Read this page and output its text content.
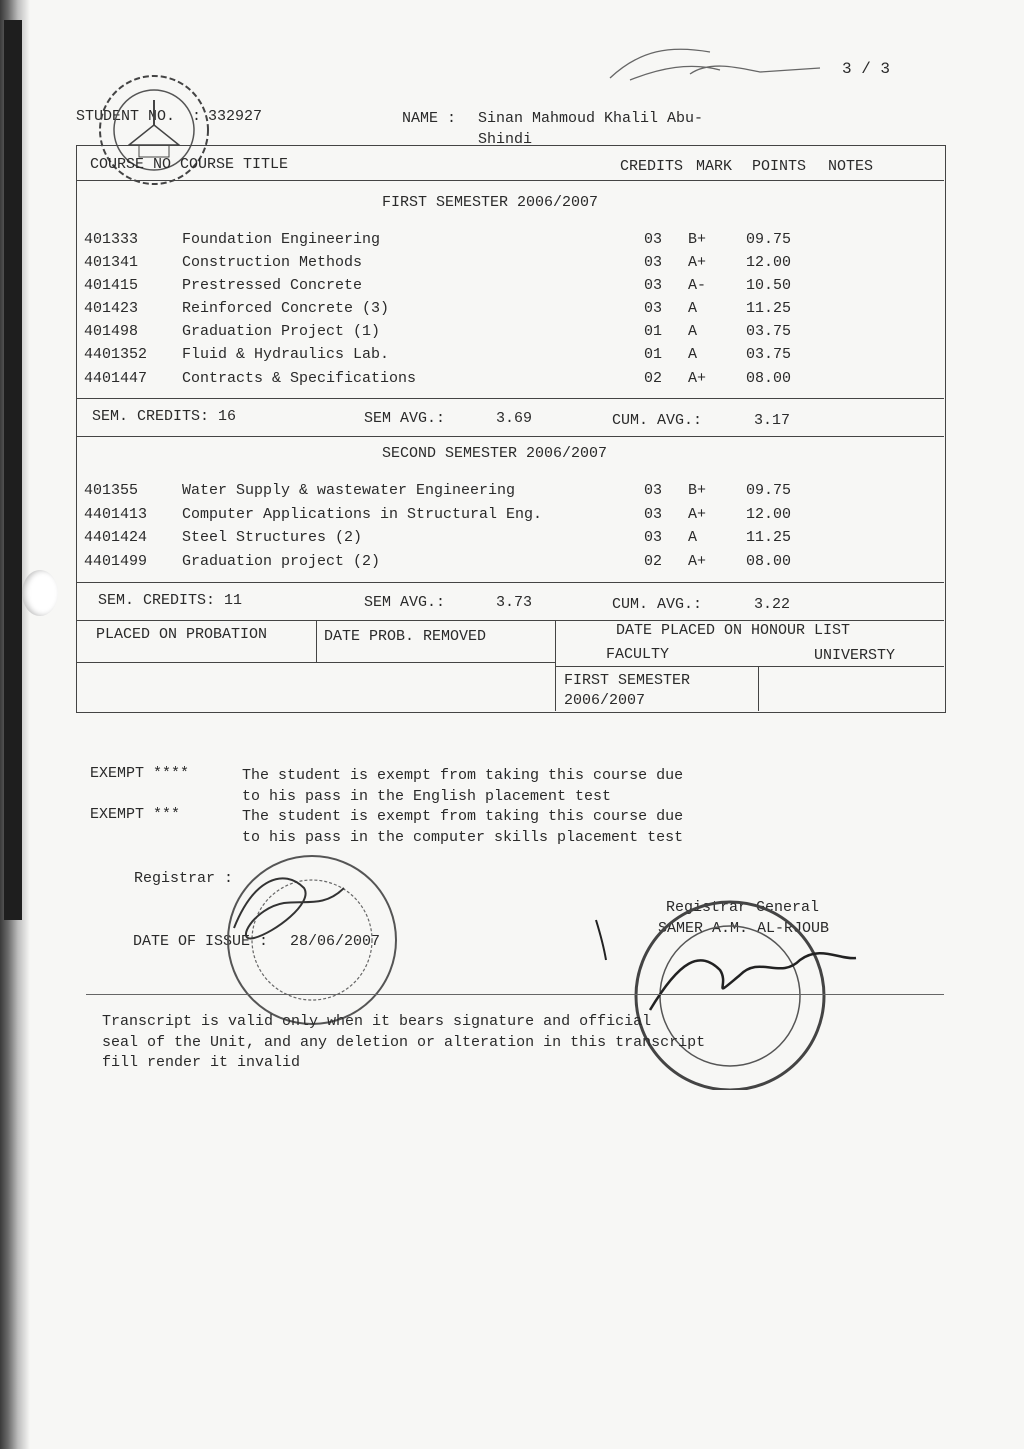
3 / 3
STUDENT NO. : 332927	NAME : Sinan Mahmoud Khalil Abu-
Shindi
COURSE NO COURSE TITLE	CREDITS MARK POINTS NOTES
FIRST SEMESTER 2006/2007
401333	Foundation Engineering	03 B+	09.75
401341	Construction Methods	03 A+	12.00
401415	Prestressed Concrete	03 A-	10.50
401423	Reinforced Concrete (3)	03 A	11.25
401498	Graduation Project (1)	01 A	03.75
4401352 Fluid & Hydraulics Lab.	01 A	03.75
4401447 Contracts & Specifications	02 A+	08.00
SEM. CREDITS: 16	SEM AVG.:	3.69	CUM. AVG.:	3.17
SECOND SEMESTER 2006/2007
401355	Water Supply & wastewater Engineering	03 B+	09.75
4401413 Computer Applications in Structural Eng.	03 A+	12.00
4401424 Steel Structures (2)	03 A	11.25
4401499 Graduation project (2)	02 A+	08.00
SEM. CREDITS: 11	SEM AVG.:	3.73	CUM. AVG.:	3.22
PLACED ON PROBATION	DATE PROB. REMOVED	DATE PLACED ON HONOUR LIST
FACULTY	UNIVERSTY
FIRST SEMESTER
2006/2007
EXEMPT ****	The student is exempt from taking this course due
to his pass in the English placement test
EXEMPT ***	The student is exempt from taking this course due
to his pass in the computer skills placement test
Registrar :
DATE OF ISSUE : 28/06/2007
Registrar General
SAMER A.M. AL-RJOUB
Transcript is valid only when it bears signature and official
seal of the Unit, and any deletion or alteration in this transcript
fill render it invalid
